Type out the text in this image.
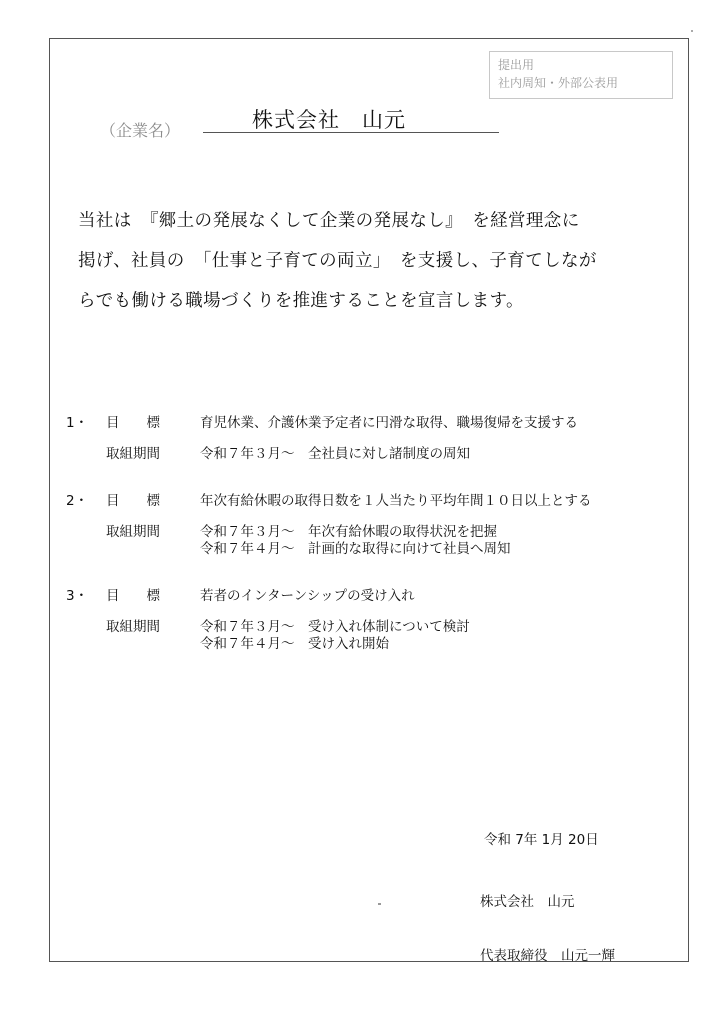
提出用
社内周知・外部公表用
（企業名）	株式会社　山元
当社は　『郷土の発展なくして企業の発展なし』　を経営理念に
掲げ、社員の　「仕事と子育ての両立」　を支援し、子育てしなが
らでも働ける職場づくりを推進することを宣言します。
1・ 目　　標	育児休業、介護休業予定者に円滑な取得、職場復帰を支援する
取組期間	令和７年３月～　全社員に対し諸制度の周知
2・ 目　　標	年次有給休暇の取得日数を１人当たり平均年間１０日以上とする
取組期間	令和７年３月～　年次有給休暇の取得状況を把握
令和７年４月～　計画的な取得に向けて社員へ周知
3・ 目　　標	若者のインターンシップの受け入れ
取組期間	令和７年３月～　受け入れ体制について検討
令和７年４月～　受け入れ開始
令和 7年 1月 20日

株式会社　山元

代表取締役　山元一輝
